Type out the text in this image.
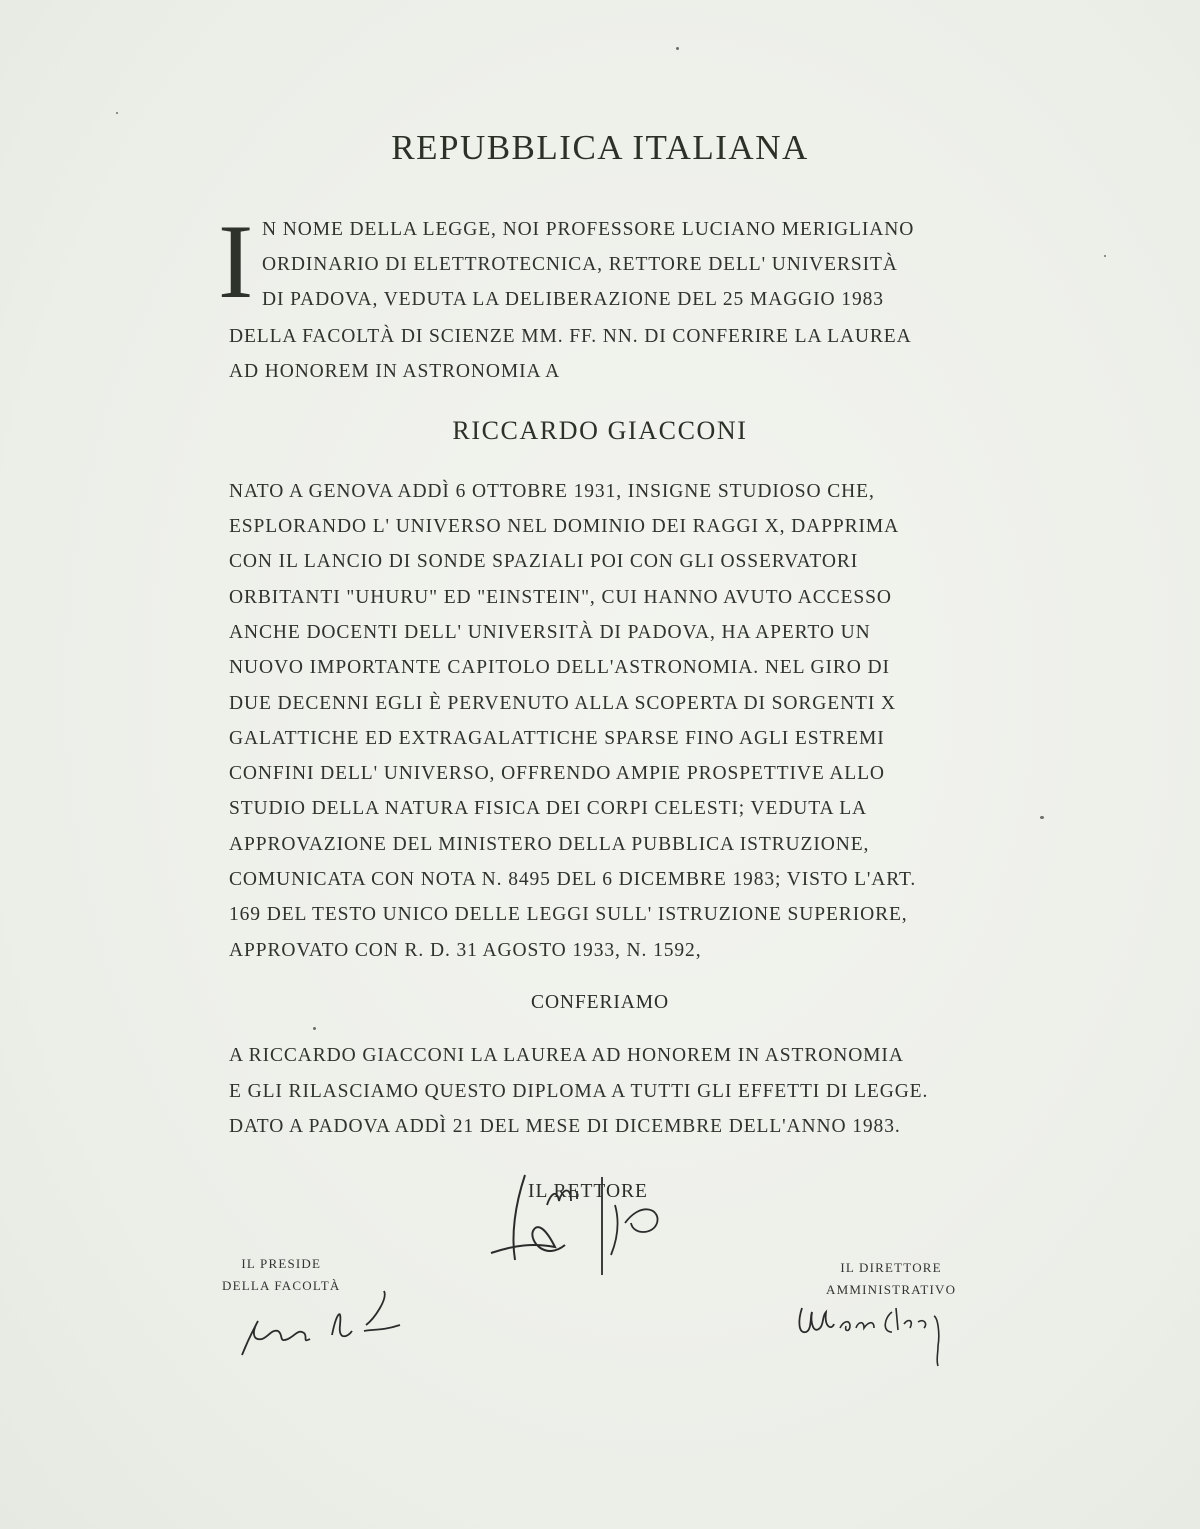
REPUBBLICA ITALIANA
I N NOME DELLA LEGGE, NOI PROFESSORE LUCIANO MERIGLIANO
ORDINARIO DI ELETTROTECNICA, RETTORE DELL' UNIVERSITÀ
DI PADOVA, VEDUTA LA DELIBERAZIONE DEL 25 MAGGIO 1983
DELLA FACOLTÀ DI SCIENZE MM. FF. NN. DI CONFERIRE LA LAUREA
AD HONOREM IN ASTRONOMIA A
RICCARDO GIACCONI
NATO A GENOVA ADDÌ 6 OTTOBRE 1931, INSIGNE STUDIOSO CHE,
ESPLORANDO L' UNIVERSO NEL DOMINIO DEI RAGGI X, DAPPRIMA
CON IL LANCIO DI SONDE SPAZIALI POI CON GLI OSSERVATORI
ORBITANTI "UHURU" ED "EINSTEIN", CUI HANNO AVUTO ACCESSO
ANCHE DOCENTI DELL' UNIVERSITÀ DI PADOVA, HA APERTO UN
NUOVO IMPORTANTE CAPITOLO DELL'ASTRONOMIA. NEL GIRO DI
DUE DECENNI EGLI È PERVENUTO ALLA SCOPERTA DI SORGENTI X
GALATTICHE ED EXTRAGALATTICHE SPARSE FINO AGLI ESTREMI
CONFINI DELL' UNIVERSO, OFFRENDO AMPIE PROSPETTIVE ALLO
STUDIO DELLA NATURA FISICA DEI CORPI CELESTI; VEDUTA LA
APPROVAZIONE DEL MINISTERO DELLA PUBBLICA ISTRUZIONE,
COMUNICATA CON NOTA N. 8495 DEL 6 DICEMBRE 1983; VISTO L'ART.
169 DEL TESTO UNICO DELLE LEGGI SULL' ISTRUZIONE SUPERIORE,
APPROVATO CON R. D. 31 AGOSTO 1933, N. 1592,
CONFERIAMO
A RICCARDO GIACCONI LA LAUREA AD HONOREM IN ASTRONOMIA
E GLI RILASCIAMO QUESTO DIPLOMA A TUTTI GLI EFFETTI DI LEGGE.
DATO A PADOVA ADDÌ 21 DEL MESE DI DICEMBRE DELL'ANNO 1983.
IL RETTORE
IL PRESIDE
DELLA FACOLTÀ
IL DIRETTORE
AMMINISTRATIVO
